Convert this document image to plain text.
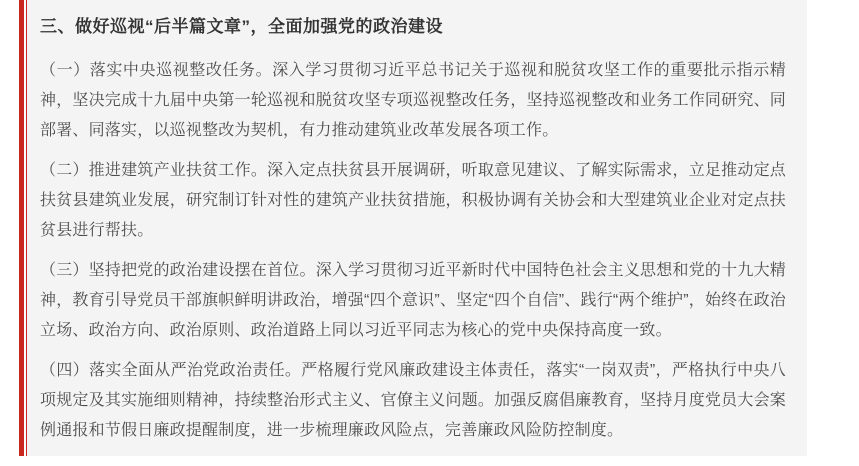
三、做好巡视“后半篇文章”，全面加强党的政治建设

（一）落实中央巡视整改任务。深入学习贯彻习近平总书记关于巡视和脱贫攻坚工作的重要批示指示精神，坚决完成十九届中央第一轮巡视和脱贫攻坚专项巡视整改任务，坚持巡视整改和业务工作同研究、同部署、同落实，以巡视整改为契机，有力推动建筑业改革发展各项工作。

（二）推进建筑产业扶贫工作。深入定点扶贫县开展调研，听取意见建议、了解实际需求，立足推动定点扶贫县建筑业发展，研究制订针对性的建筑产业扶贫措施，积极协调有关协会和大型建筑业企业对定点扶贫县进行帮扶。

（三）坚持把党的政治建设摆在首位。深入学习贯彻习近平新时代中国特色社会主义思想和党的十九大精神，教育引导党员干部旗帜鲜明讲政治，增强“四个意识”、坚定“四个自信”、践行“两个维护”，始终在政治立场、政治方向、政治原则、政治道路上同以习近平同志为核心的党中央保持高度一致。

（四）落实全面从严治党政治责任。严格履行党风廉政建设主体责任，落实“一岗双责”，严格执行中央八项规定及其实施细则精神，持续整治形式主义、官僚主义问题。加强反腐倡廉教育，坚持月度党员大会案例通报和节假日廉政提醒制度，进一步梳理廉政风险点，完善廉政风险防控制度。
